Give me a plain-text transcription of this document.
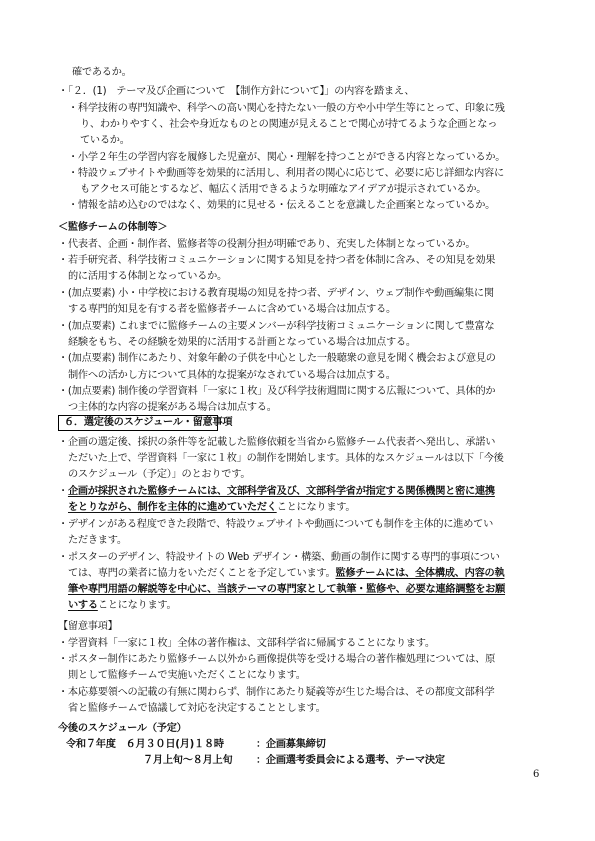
確であるか。
・「２．(1)　テーマ及び企画について　【制作方針について】」の内容を踏まえ、
・科学技術の専門知識や、科学への高い関心を持たない一般の方や小中学生等にとって、印象に残
り、わかりやすく、社会や身近なものとの関連が見えることで関心が持てるような企画となっ
ているか。
・小学２年生の学習内容を履修した児童が、関心・理解を持つことができる内容となっているか。
・特設ウェブサイトや動画等を効果的に活用し、利用者の関心に応じて、必要に応じ詳細な内容に
もアクセス可能とするなど、幅広く活用できるような明確なアイデアが提示されているか。
・情報を詰め込むのではなく、効果的に見せる・伝えることを意識した企画案となっているか。
＜監修チームの体制等＞
・代表者、企画・制作者、監修者等の役割分担が明確であり、充実した体制となっているか。
・若手研究者、科学技術コミュニケーションに関する知見を持つ者を体制に含み、その知見を効果
的に活用する体制となっているか。
・(加点要素) 小・中学校における教育現場の知見を持つ者、デザイン、ウェブ制作や動画編集に関
する専門的知見を有する者を監修者チームに含めている場合は加点する。
・(加点要素) これまでに監修チームの主要メンバーが科学技術コミュニケーションに関して豊富な
経験をもち、その経験を効果的に活用する計画となっている場合は加点する。
・(加点要素) 制作にあたり、対象年齢の子供を中心とした一般聴衆の意見を聞く機会および意見の
制作への活かし方について具体的な提案がなされている場合は加点する。
・(加点要素) 制作後の学習資料「一家に１枚」及び科学技術週間に関する広報について、具体的か
つ主体的な内容の提案がある場合は加点する。
６．選定後のスケジュール・留意事項
・企画の選定後、採択の条件等を記載した監修依頼を当省から監修チーム代表者へ発出し、承諾い
ただいた上で、学習資料「一家に１枚」の制作を開始します。具体的なスケジュールは以下「今後
のスケジュール（予定）」のとおりです。
・企画が採択された監修チームには、文部科学省及び、文部科学省が指定する関係機関と密に連携
をとりながら、制作を主体的に進めていただくことになります。
・デザインがある程度できた段階で、特設ウェブサイトや動画についても制作を主体的に進めてい
ただきます。
・ポスターのデザイン、特設サイトの Web デザイン・構築、動画の制作に関する専門的事項につい
ては、専門の業者に協力をいただくことを予定しています。監修チームには、全体構成、内容の執
筆や専門用語の解説等を中心に、当該テーマの専門家として執筆・監修や、必要な連絡調整をお願
いすることになります。
【留意事項】
・学習資料「一家に１枚」全体の著作権は、文部科学省に帰属することになります。
・ポスター制作にあたり監修チーム以外から画像提供等を受ける場合の著作権処理については、原
則として監修チームで実施いただくことになります。
・本応募要領への記載の有無に関わらず、制作にあたり疑義等が生じた場合は、その都度文部科学
省と監修チームで協議して対応を決定することとします。
今後のスケジュール（予定）
令和７年度　６月３０日(月)１８時	：企画募集締切
７月上旬～８月上旬 ：企画選考委員会による選考、テーマ決定
6
